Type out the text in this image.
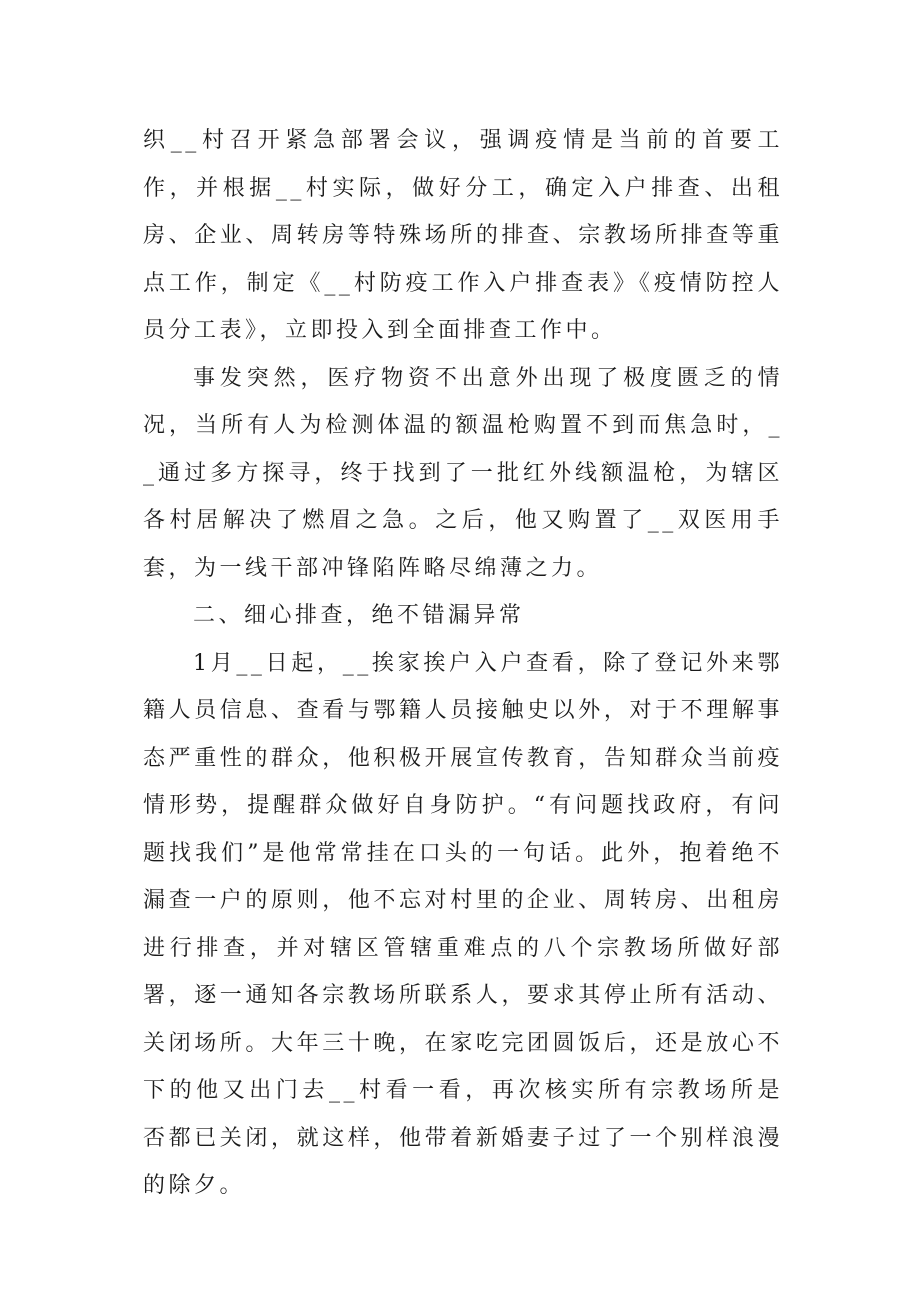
织__村召开紧急部署会议，强调疫情是当前的首要工作，并根据__村实际，做好分工，确定入户排查、出租房、企业、周转房等特殊场所的排查、宗教场所排查等重点工作，制定《__村防疫工作入户排查表》《疫情防控人员分工表》，立即投入到全面排查工作中。

事发突然，医疗物资不出意外出现了极度匮乏的情况，当所有人为检测体温的额温枪购置不到而焦急时，__通过多方探寻，终于找到了一批红外线额温枪，为辖区各村居解决了燃眉之急。之后，他又购置了__双医用手套，为一线干部冲锋陷阵略尽绵薄之力。

二、细心排查，绝不错漏异常

1月__日起，__挨家挨户入户查看，除了登记外来鄂籍人员信息、查看与鄂籍人员接触史以外，对于不理解事态严重性的群众，他积极开展宣传教育，告知群众当前疫情形势，提醒群众做好自身防护。“有问题找政府，有问题找我们”是他常常挂在口头的一句话。此外，抱着绝不漏查一户的原则，他不忘对村里的企业、周转房、出租房进行排查，并对辖区管辖重难点的八个宗教场所做好部署，逐一通知各宗教场所联系人，要求其停止所有活动、关闭场所。大年三十晚，在家吃完团圆饭后，还是放心不下的他又出门去__村看一看，再次核实所有宗教场所是否都已关闭，就这样，他带着新婚妻子过了一个别样浪漫的除夕。
